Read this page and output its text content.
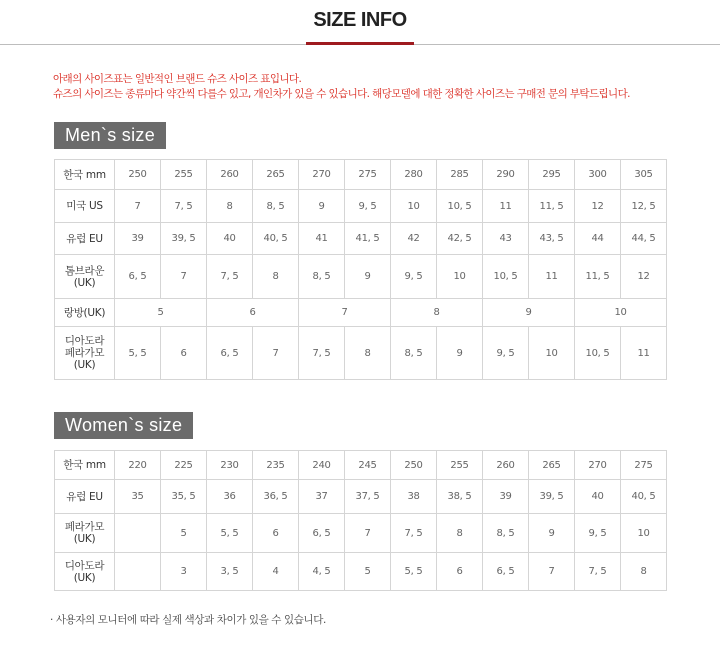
SIZE INFO
아래의 사이즈표는 일반적인 브랜드 슈즈 사이즈 표입니다.
슈즈의 사이즈는 종류마다 약간씩 다를수 있고, 개인차가 있을 수 있습니다. 해당모델에 대한 정확한 사이즈는 구매전 문의 부탁드립니다.
Men`s size
한국 mm	250	255	260	265	270	275	280	285	290	295	300	305

미국 US	7	7, 5	8	8, 5	9	9, 5	10	10, 5	11	11, 5	12	12, 5

유럽 EU	39	39, 5	40	40, 5	41	41, 5	42	42, 5	43	43, 5	44	44, 5

톰브라운
(UK)	6, 5	7	7, 5	8	8, 5	9	9, 5	10	10, 5	11	11, 5	12

랑방(UK)	5		6		7		8		9		10	

디아도라
페라가모
(UK)	5, 5	6	6, 5	7	7, 5	8	8, 5	9	9, 5	10	10, 5	11
Women`s size
한국 mm	220	225	230	235	240	245	250	255	260	265	270	275

유럽 EU	35	35, 5	36	36, 5	37	37, 5	38	38, 5	39	39, 5	40	40, 5

페라가모
(UK)		5	5, 5	6	6, 5	7	7, 5	8	8, 5	9	9, 5	10

디아도라
(UK)		3	3, 5	4	4, 5	5	5, 5	6	6, 5	7	7, 5	8
· 사용자의 모니터에 따라 실제 색상과 차이가 있을 수 있습니다.
